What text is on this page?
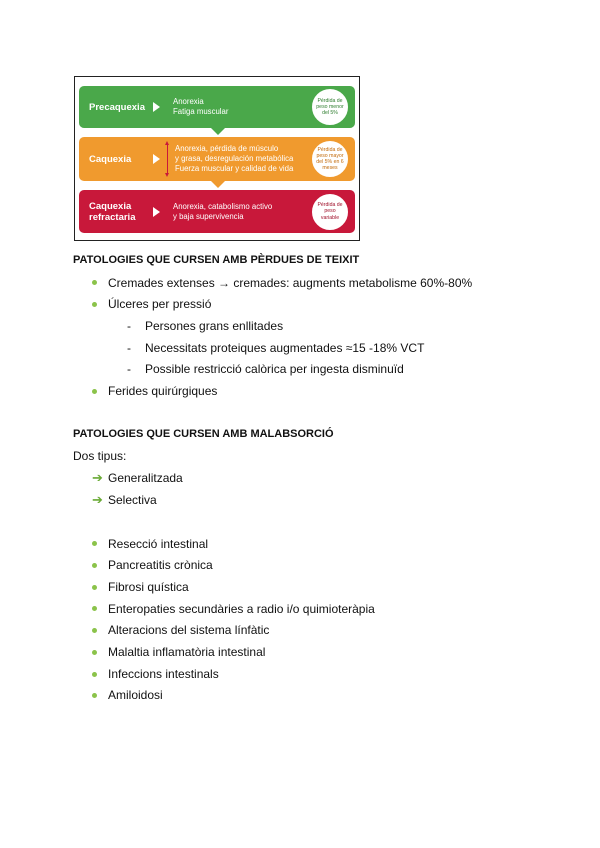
Precaquexia	Anorexia
Fatiga muscular
Pérdida de peso menor del 5%
Caquexia
Anorexia, pérdida de músculo
y grasa, desregulación metabólica
Fuerza muscular y calidad de vida
Pérdida de peso mayor del 5% en 6 meses
Caquexia
refractaria
Anorexia, catabolismo activo
y baja supervivencia
Pérdida de peso variable
PATOLOGIES QUE CURSEN AMB PÈRDUES DE TEIXIT
Cremades extenses → cremades: augments metabolisme 60%-80%
Úlceres per pressió
- Persones grans enllitades
- Necessitats proteiques augmentades ≈15 -18% VCT
- Possible restricció calòrica per ingesta disminuïd
Ferides quirúrgiques
PATOLOGIES QUE CURSEN AMB MALABSORCIÓ
Dos tipus:
➔ Generalitzada
➔ Selectiva
Resecció intestinal
Pancreatitis crònica
Fibrosi quística
Enteropaties secundàries a radio i/o quimioteràpia
Alteracions del sistema línfàtic
Malaltia inflamatòria intestinal
Infeccions intestinals
Amiloidosi
